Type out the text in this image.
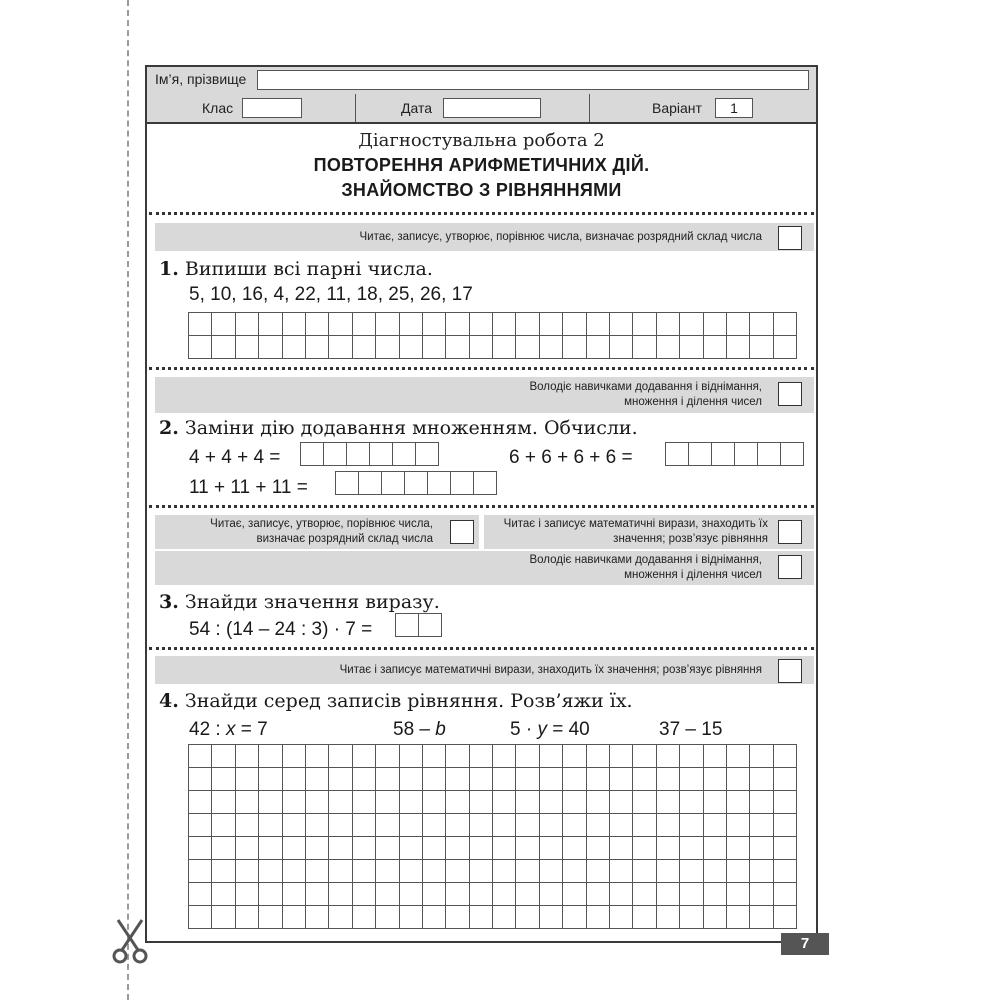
Ім’я, прізвище
Клас	Дата	Варіант	1
Діагностувальна робота 2
ПОВТОРЕННЯ АРИФМЕТИЧНИХ ДІЙ.
ЗНАЙОМСТВО З РІВНЯННЯМИ
Читає, записує, утворює, порівнює числа, визначає розрядний склад числа
1. Випиши всі парні числа.
5, 10, 16, 4, 22, 11, 18, 25, 26, 17

Володіє навичками додавання і віднімання,
множення і ділення чисел
2. Заміни дію додавання множенням. Обчисли.
4 + 4 + 4 =
						6 + 6 + 6 + 6 =

11 + 11 + 11 =

Читає, записує, утворює, порівнює числа,
визначає розрядний склад числа
Читає і записує математичні вирази, знаходить їх
значення; розв’язує рівняння
Володіє навичками додавання і віднімання,
множення і ділення чисел
3. Знайди значення виразу.
54 : (14 – 24 : 3) · 7 =

Читає і записує математичні вирази, знаходить їх значення; розв’язує рівняння
4. Знайди серед записів рівняння. Розв’яжи їх.
42 : x = 7	58 – b	5 · y = 40	37 – 15

7
